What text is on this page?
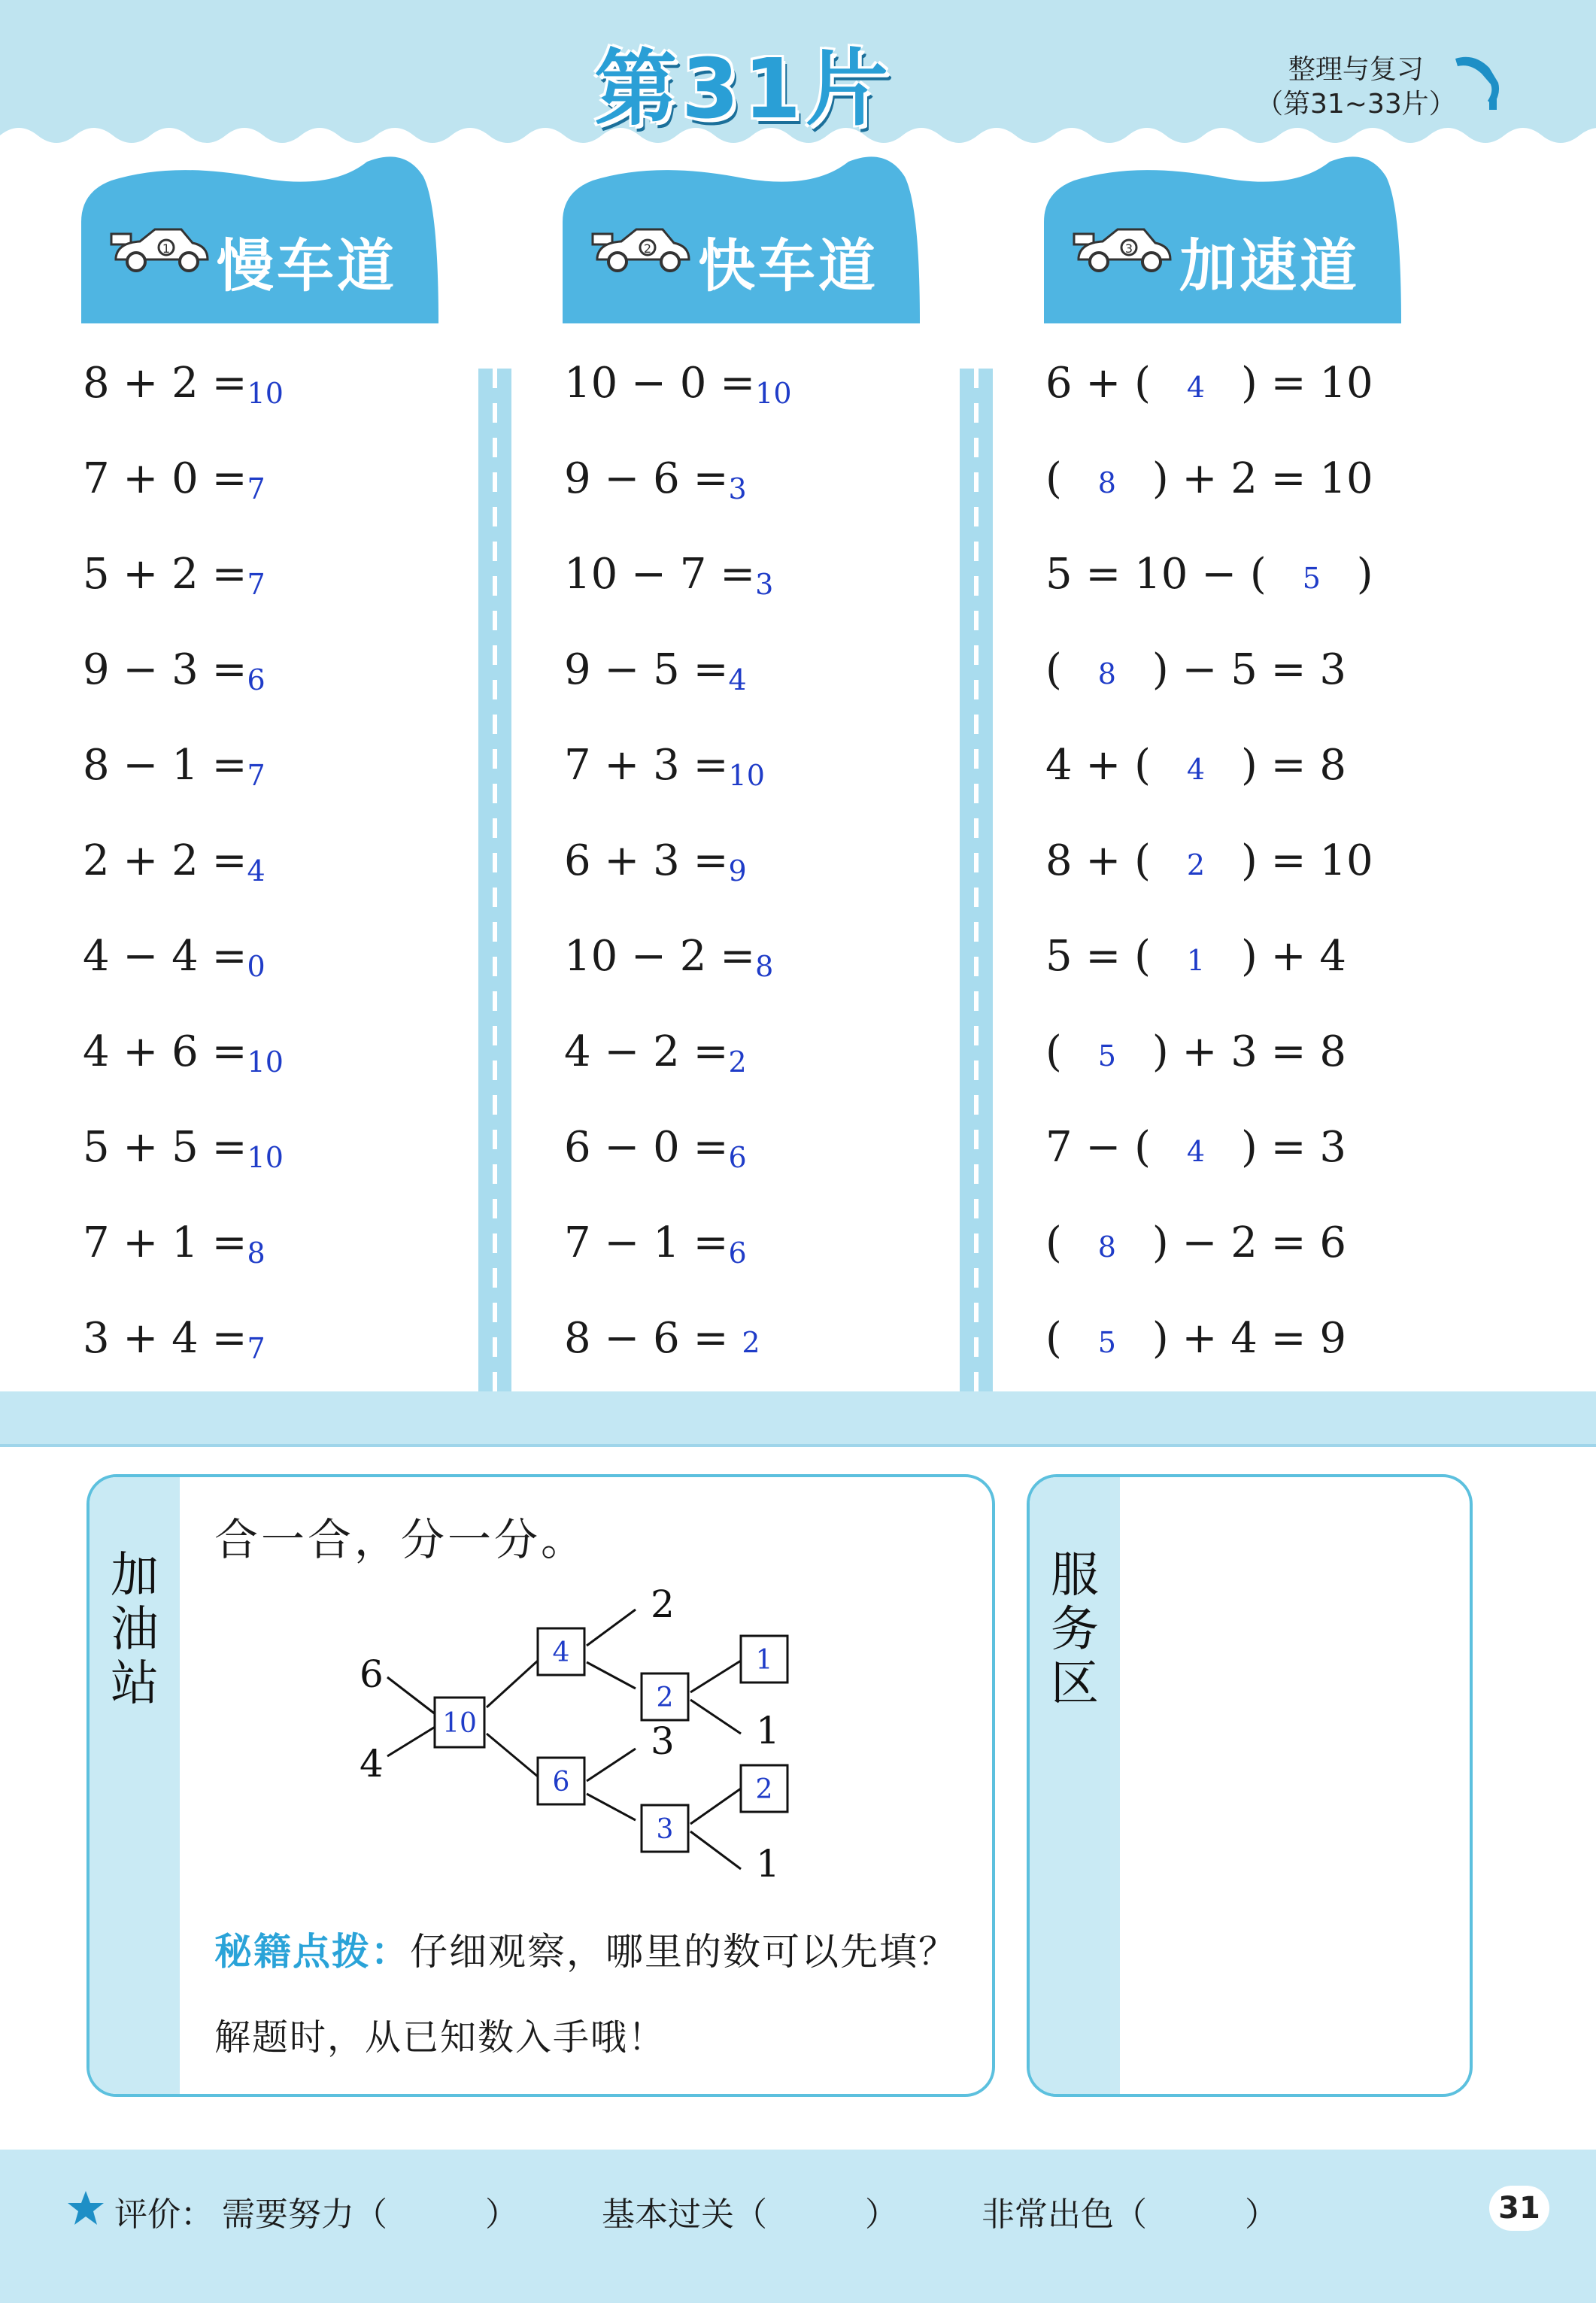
第31片	整理与复习
（第31~33片）
1 慢车道	2 快车道	3 加速道
$8 + 2 =_{10}$
$7 + 0 =_7$
$5 + 2 =_7$
$9 - 3 =_6$
$8 - 1 =_7$
$2 + 2 =_4$
$4 - 4 =_0$
$4 + 6 =_{10}$
$5 + 5 =_{10}$
$7 + 1 =_8$
$3 + 4 =_7$
$10 - 0 =_{10}$
$9 - 6 =_3$
$10 - 7 =_3$
$9 - 5 =_4$
$7 + 3 =_{10}$
$6 + 3 =_9$
$10 - 2 =_8$
$4 - 2 =_2$
$6 - 0 =_6$
$7 - 1 =_6$
8 − 6 = 2
6 + ( 4 ) = 10
( 8 ) + 2 = 10
5 = 10 − ( 5 )
( 8 ) − 5 = 3
4 + ( 4 ) = 8
8 + ( 2 ) = 10
5 = ( 1 ) + 4
( 5 ) + 3 = 8
7 − ( 4 ) = 3
( 8 ) − 2 = 6
( 5 ) + 4 = 9
加油站
合一合，分一分。
6
4
2
3 1
1
10
4
6
2
1
3
2
秘籍点拨：仔细观察，哪里的数可以先填？
解题时，从已知数入手哦！
服务区
评价： 需要努力（	）	基本过关（	）	非常出色（	）	31
